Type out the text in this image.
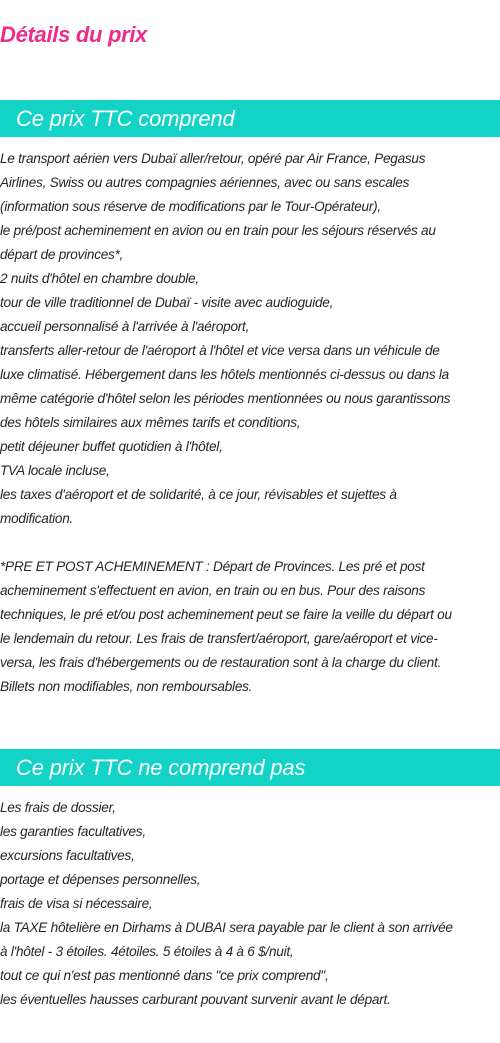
Détails du prix
Ce prix TTC comprend
Le transport aérien vers Dubaï aller/retour, opéré par Air France, Pegasus
Airlines, Swiss ou autres compagnies aériennes, avec ou sans escales
(information sous réserve de modifications par le Tour-Opérateur),
le pré/post acheminement en avion ou en train pour les séjours réservés au
départ de provinces*,
2 nuits d'hôtel en chambre double,
tour de ville traditionnel de Dubaï - visite avec audioguide,
accueil personnalisé à l'arrivée à l'aéroport,
transferts aller-retour de l'aéroport à l'hôtel et vice versa dans un véhicule de
luxe climatisé. Hébergement dans les hôtels mentionnés ci-dessus ou dans la
même catégorie d'hôtel selon les périodes mentionnées ou nous garantissons
des hôtels similaires aux mêmes tarifs et conditions,
petit déjeuner buffet quotidien à l'hôtel,
TVA locale incluse,
les taxes d'aéroport et de solidarité, à ce jour, révisables et sujettes à
modification.
*PRE ET POST ACHEMINEMENT : Départ de Provinces. Les pré et post
acheminement s'effectuent en avion, en train ou en bus. Pour des raisons
techniques, le pré et/ou post acheminement peut se faire la veille du départ ou
le lendemain du retour. Les frais de transfert/aéroport, gare/aéroport et vice-
versa, les frais d'hébergements ou de restauration sont à la charge du client.
Billets non modifiables, non remboursables.
Ce prix TTC ne comprend pas
Les frais de dossier,
les garanties facultatives,
excursions facultatives,
portage et dépenses personnelles,
frais de visa si nécessaire,
la TAXE hôtelière en Dirhams à DUBAI sera payable par le client à son arrivée
à l'hôtel - 3 étoiles. 4étoiles. 5 étoiles à 4 à 6 $/nuit,
tout ce qui n'est pas mentionné dans "ce prix comprend",
les éventuelles hausses carburant pouvant survenir avant le départ.
